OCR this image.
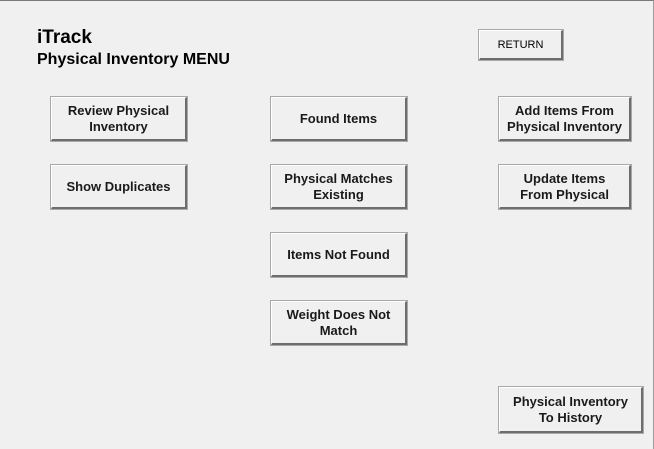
iTrack
Physical Inventory MENU
RETURN
Review Physical
Inventory
Show Duplicates
Found Items
Physical Matches
Existing
Items Not Found
Weight Does Not
Match
Add Items From
Physical Inventory
Update Items
From Physical
Physical Inventory
To History
